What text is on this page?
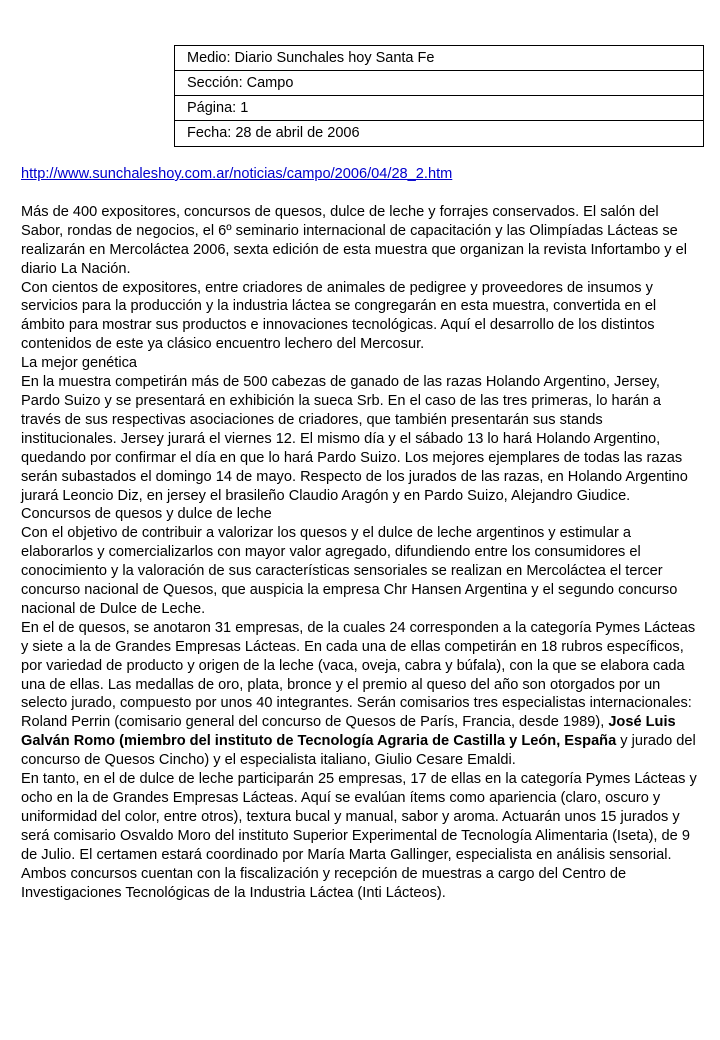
Medio: Diario Sunchales hoy Santa Fe
Sección: Campo
Página: 1
Fecha: 28 de abril de 2006
http://www.sunchaleshoy.com.ar/noticias/campo/2006/04/28_2.htm

Más de 400 expositores, concursos de quesos, dulce de leche y forrajes conservados. El salón del Sabor, rondas de negocios, el 6º seminario internacional de capacitación y las Olimpíadas Lácteas se realizarán en Mercoláctea 2006, sexta edición de esta muestra que organizan la revista Infortambo y el diario La Nación.

Con cientos de expositores, entre criadores de animales de pedigree y proveedores de insumos y servicios para la producción y la industria láctea se congregarán en esta muestra, convertida en el ámbito para mostrar sus productos e innovaciones tecnológicas. Aquí el desarrollo de los distintos contenidos de este ya clásico encuentro lechero del Mercosur.

La mejor genética

En la muestra competirán más de 500 cabezas de ganado de las razas Holando Argentino, Jersey, Pardo Suizo y se presentará en exhibición la sueca Srb. En el caso de las tres primeras, lo harán a través de sus respectivas asociaciones de criadores, que también presentarán sus stands institucionales. Jersey jurará el viernes 12. El mismo día y el sábado 13 lo hará Holando Argentino, quedando por confirmar el día en que lo hará Pardo Suizo. Los mejores ejemplares de todas las razas serán subastados el domingo 14 de mayo. Respecto de los jurados de las razas, en Holando Argentino jurará Leoncio Diz, en jersey el brasileño Claudio Aragón y en Pardo Suizo, Alejandro Giudice.

Concursos de quesos y dulce de leche

Con el objetivo de contribuir a valorizar los quesos y el dulce de leche argentinos y estimular a elaborarlos y comercializarlos con mayor valor agregado, difundiendo entre los consumidores el conocimiento y la valoración de sus características sensoriales se realizan en Mercoláctea el tercer concurso nacional de Quesos, que auspicia la empresa Chr Hansen Argentina y el segundo concurso nacional de Dulce de Leche.

En el de quesos, se anotaron 31 empresas, de la cuales 24 corresponden a la categoría Pymes Lácteas y siete a la de Grandes Empresas Lácteas. En cada una de ellas competirán en 18 rubros específicos, por variedad de producto y origen de la leche (vaca, oveja, cabra y búfala), con la que se elabora cada una de ellas. Las medallas de oro, plata, bronce y el premio al queso del año son otorgados por un selecto jurado, compuesto por unos 40 integrantes. Serán comisarios tres especialistas internacionales: Roland Perrin (comisario general del concurso de Quesos de París, Francia, desde 1989), José Luis Galván Romo (miembro del instituto de Tecnología Agraria de Castilla y León, España y jurado del concurso de Quesos Cincho) y el especialista italiano, Giulio Cesare Emaldi.

En tanto, en el de dulce de leche participarán 25 empresas, 17 de ellas en la categoría Pymes Lácteas y ocho en la de Grandes Empresas Lácteas. Aquí se evalúan ítems como apariencia (claro, oscuro y uniformidad del color, entre otros), textura bucal y manual, sabor y aroma. Actuarán unos 15 jurados y será comisario Osvaldo Moro del instituto Superior Experimental de Tecnología Alimentaria (Iseta), de 9 de Julio. El certamen estará coordinado por María Marta Gallinger, especialista en análisis sensorial. Ambos concursos cuentan con la fiscalización y recepción de muestras a cargo del Centro de Investigaciones Tecnológicas de la Industria Láctea (Inti Lácteos).
